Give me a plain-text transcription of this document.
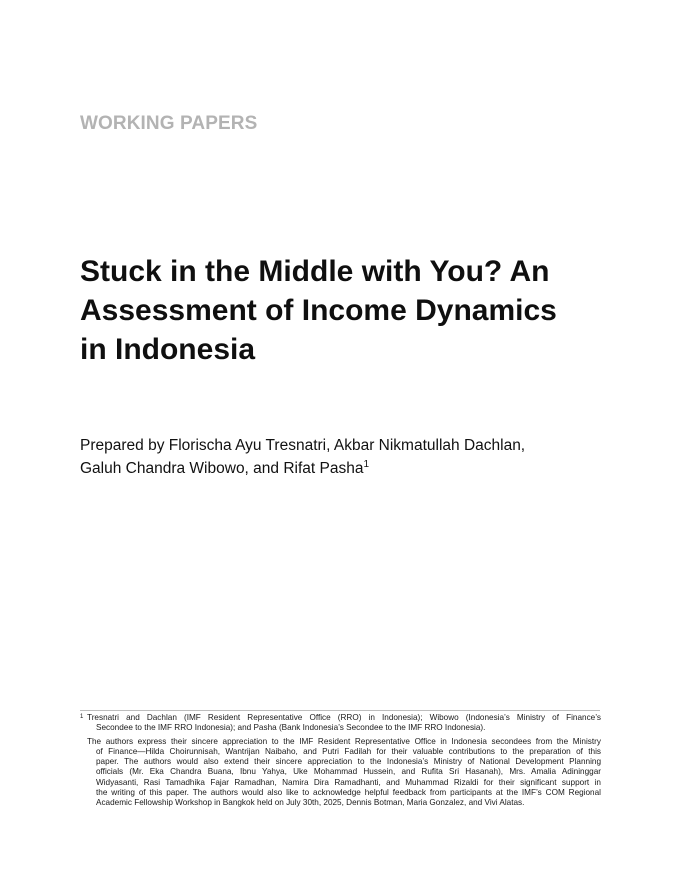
WORKING PAPERS
Stuck in the Middle with You? An
Assessment of Income Dynamics
in Indonesia
Prepared by Florischa Ayu Tresnatri, Akbar Nikmatullah Dachlan,
Galuh Chandra Wibowo, and Rifat Pasha$^1$
1 Tresnatri and Dachlan (IMF Resident Representative Office (RRO) in Indonesia); Wibowo (Indonesia’s Ministry of Finance’s
Secondee to the IMF RRO Indonesia); and Pasha (Bank Indonesia’s Secondee to the IMF RRO Indonesia).
The authors express their sincere appreciation to the IMF Resident Representative Office in Indonesia secondees from the Ministry
of Finance—Hilda Choirunnisah, Wantrijan Naibaho, and Putri Fadilah for their valuable contributions to the preparation of this
paper. The authors would also extend their sincere appreciation to the Indonesia’s Ministry of National Development Planning
officials (Mr. Eka Chandra Buana, Ibnu Yahya, Uke Mohammad Hussein, and Rufita Sri Hasanah), Mrs. Amalia Adininggar
Widyasanti, Rasi Tamadhika Fajar Ramadhan, Namira Dira Ramadhanti, and Muhammad Rizaldi for their significant support in
the writing of this paper. The authors would also like to acknowledge helpful feedback from participants at the IMF’s COM Regional
Academic Fellowship Workshop in Bangkok held on July 30th, 2025, Dennis Botman, Maria Gonzalez, and Vivi Alatas.
